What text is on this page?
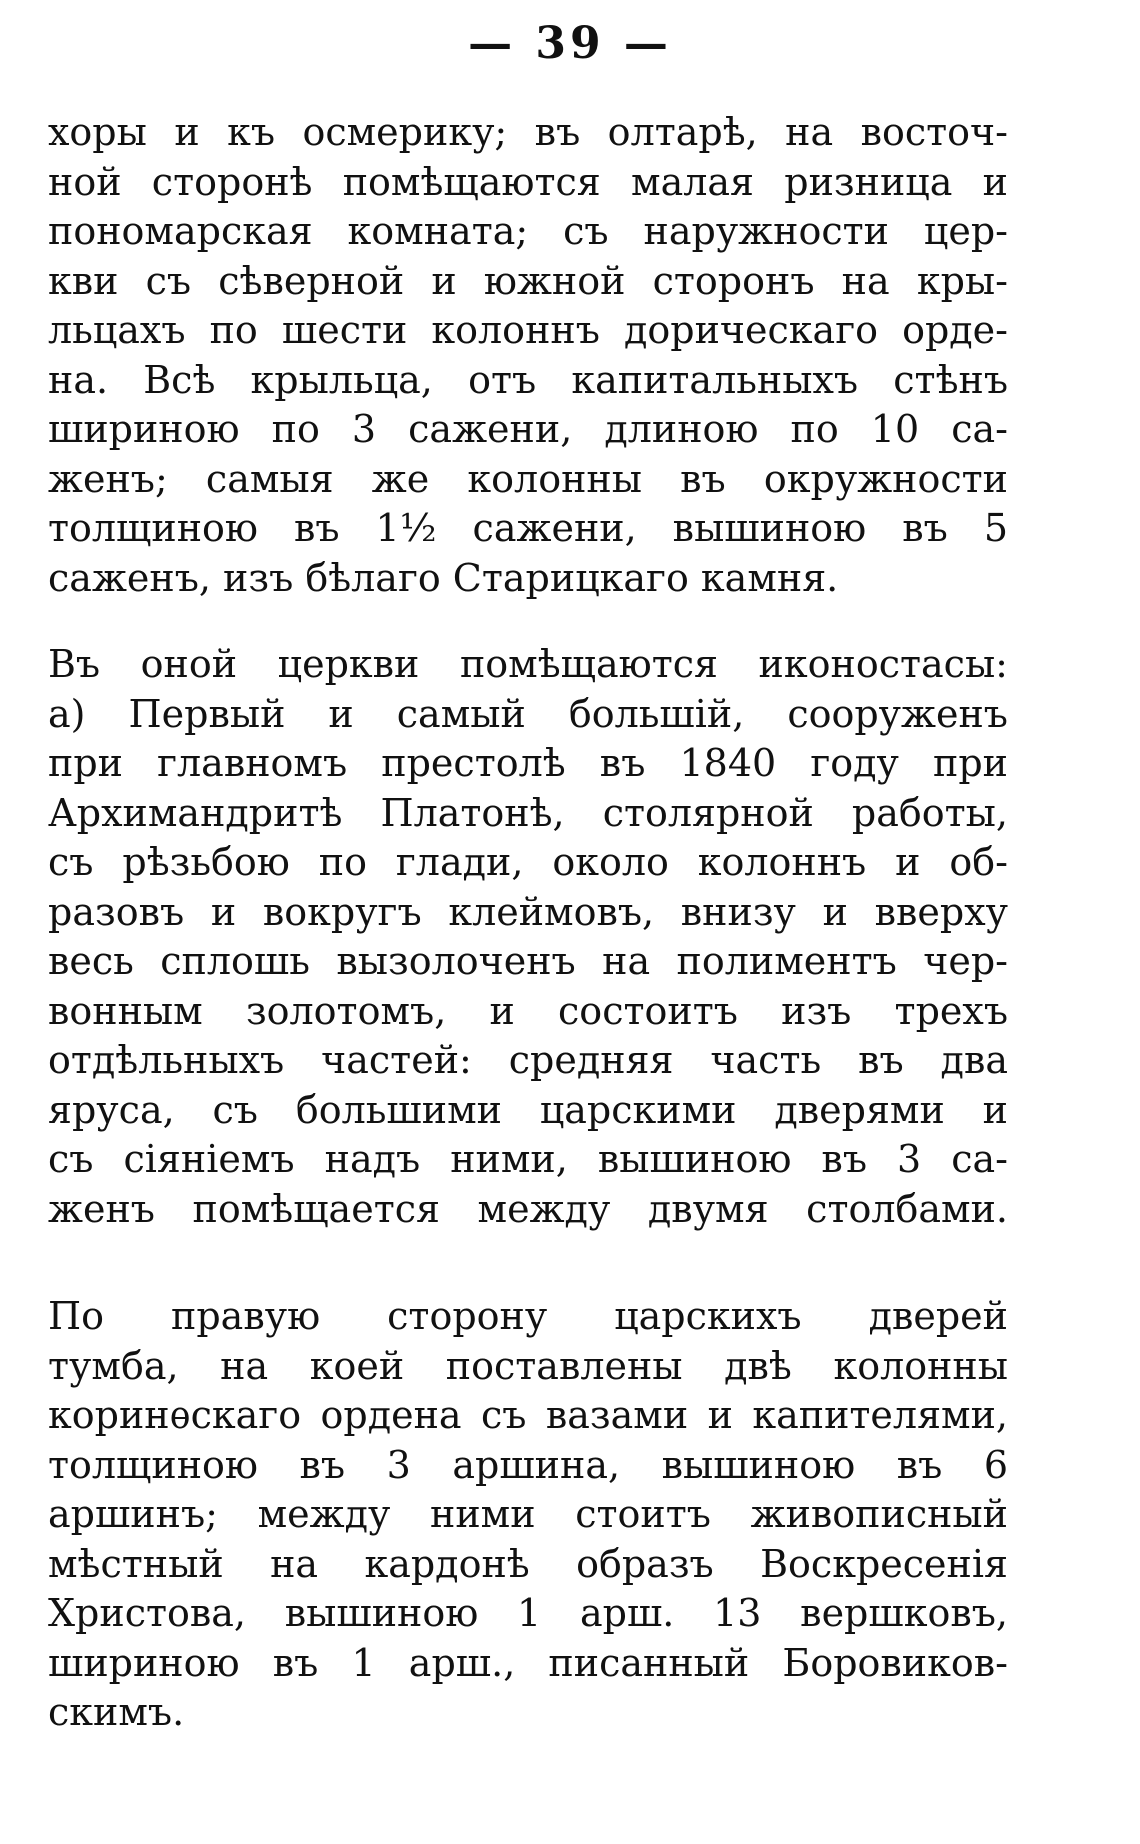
— 39 —
хоры и къ осмерику; въ олтарѣ, на восточ-
ной сторонѣ помѣщаются малая ризница и
пономарская комната; съ наружности цер-
кви съ сѣверной и южной сторонъ на кры-
льцахъ по шести колоннъ дорическаго орде-
на. Всѣ крыльца, отъ капитальныхъ стѣнъ
шириною по 3 сажени, длиною по 10 са-
женъ; самыя же колонны въ окружности
толщиною въ 1½ сажени, вышиною въ 5
саженъ, изъ бѣлаго Старицкаго камня.
Въ оной церкви помѣщаются иконостасы:
а) Первый и самый большiй, сооруженъ
при главномъ престолѣ въ 1840 году при
Архимандритѣ Платонѣ, столярной работы,
съ рѣзьбою по глади, около колоннъ и об-
разовъ и вокругъ клеймовъ, внизу и вверху
весь сплошь вызолоченъ на полиментъ чер-
вонным золотомъ, и состоитъ изъ трехъ
отдѣльныхъ частей: средняя часть въ два
яруса, съ большими царскими дверями и
съ сiянiемъ надъ ними, вышиною въ 3 са-
женъ помѣщается между двумя столбами.
По правую сторону царскихъ дверей
тумба, на коей поставлены двѣ колонны
коринѳскаго ордена съ вазами и капителями,
толщиною въ 3 аршина, вышиною въ 6
аршинъ; между ними стоитъ живописный
мѣстный на кардонѣ образъ Воскресенiя
Христова, вышиною 1 арш. 13 вершковъ,
шириною въ 1 арш., писанный Боровиков-
скимъ.
